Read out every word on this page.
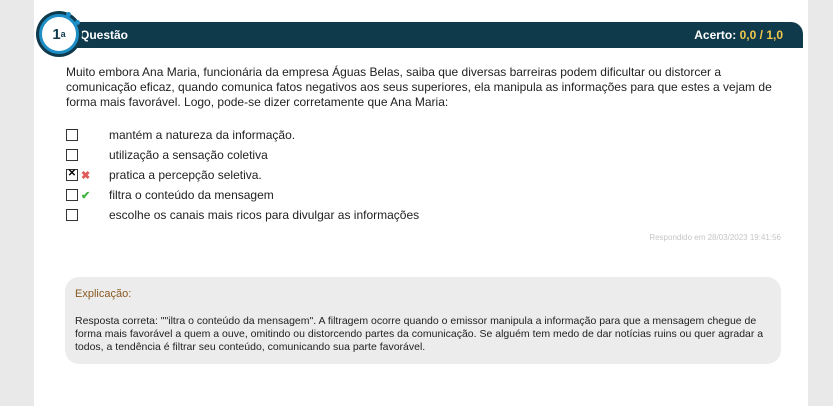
Questão	Acerto: 0,0 / 1,0
1 a
Muito embora Ana Maria, funcionária da empresa Águas Belas, saiba que diversas barreiras podem dificultar ou distorcer a comunicação eficaz, quando comunica fatos negativos aos seus superiores, ela manipula as informações para que estes a vejam de forma mais favorável. Logo, pode-se dizer corretamente que Ana Maria:
mantém a natureza da informação.
utilização a sensação coletiva
✕
✖ pratica a percepção seletiva.
✔ filtra o conteúdo da mensagem
escolhe os canais mais ricos para divulgar as informações
Respondido em 28/03/2023 19:41:56
Explicação:
Resposta correta: ""iltra o conteúdo da mensagem". A filtragem ocorre quando o emissor manipula a informação para que a mensagem chegue de forma mais favorável a quem a ouve, omitindo ou distorcendo partes da comunicação. Se alguém tem medo de dar notícias ruins ou quer agradar a todos, a tendência é filtrar seu conteúdo, comunicando sua parte favorável.
